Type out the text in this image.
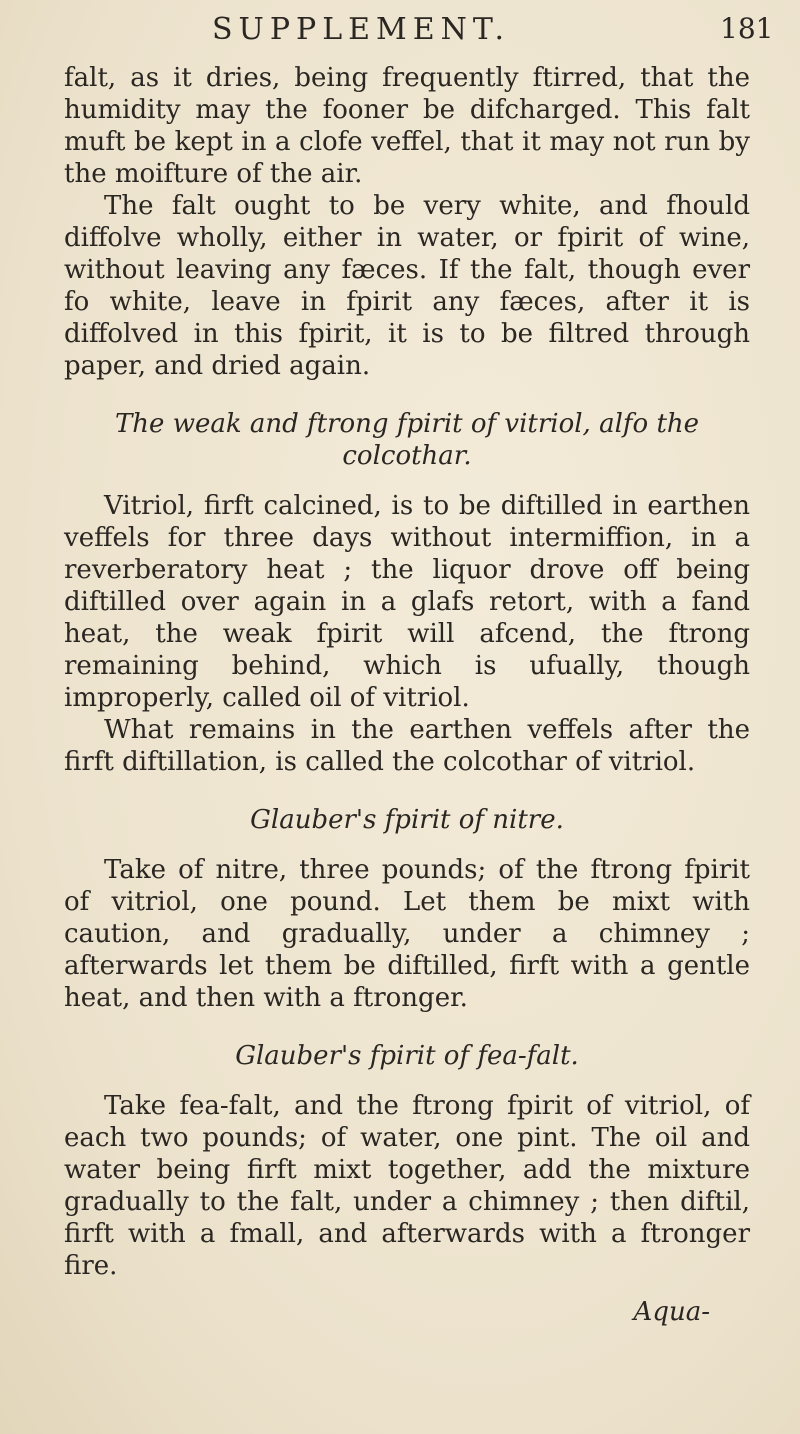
SUPPLEMENT.	181

falt, as it dries, being frequently ftirred, that the humidity may the fooner be difcharged. This falt muft be kept in a clofe veffel, that it may not run by the moifture of the air.

The falt ought to be very white, and fhould diffolve wholly, either in water, or fpirit of wine, without leaving any fæces. If the falt, though ever fo white, leave in fpirit any fæces, after it is diffolved in this fpirit, it is to be filtred through paper, and dried again.

The weak and ftrong fpirit of vitriol, alfo the colcothar.

Vitriol, firft calcined, is to be diftilled in earthen veffels for three days without intermiffion, in a reverberatory heat ; the liquor drove off being diftilled over again in a glafs retort, with a fand heat, the weak fpirit will afcend, the ftrong remaining behind, which is ufually, though improperly, called oil of vitriol.

What remains in the earthen veffels after the firft diftillation, is called the colcothar of vitriol.

Glauber's fpirit of nitre.

Take of nitre, three pounds; of the ftrong fpirit of vitriol, one pound. Let them be mixt with caution, and gradually, under a chimney ; afterwards let them be diftilled, firft with a gentle heat, and then with a ftronger.

Glauber's fpirit of fea-falt.

Take fea-falt, and the ftrong fpirit of vitriol, of each two pounds; of water, one pint. The oil and water being firft mixt together, add the mixture gradually to the falt, under a chimney ; then diftil, firft with a fmall, and afterwards with a ftronger fire.

Aqua-
